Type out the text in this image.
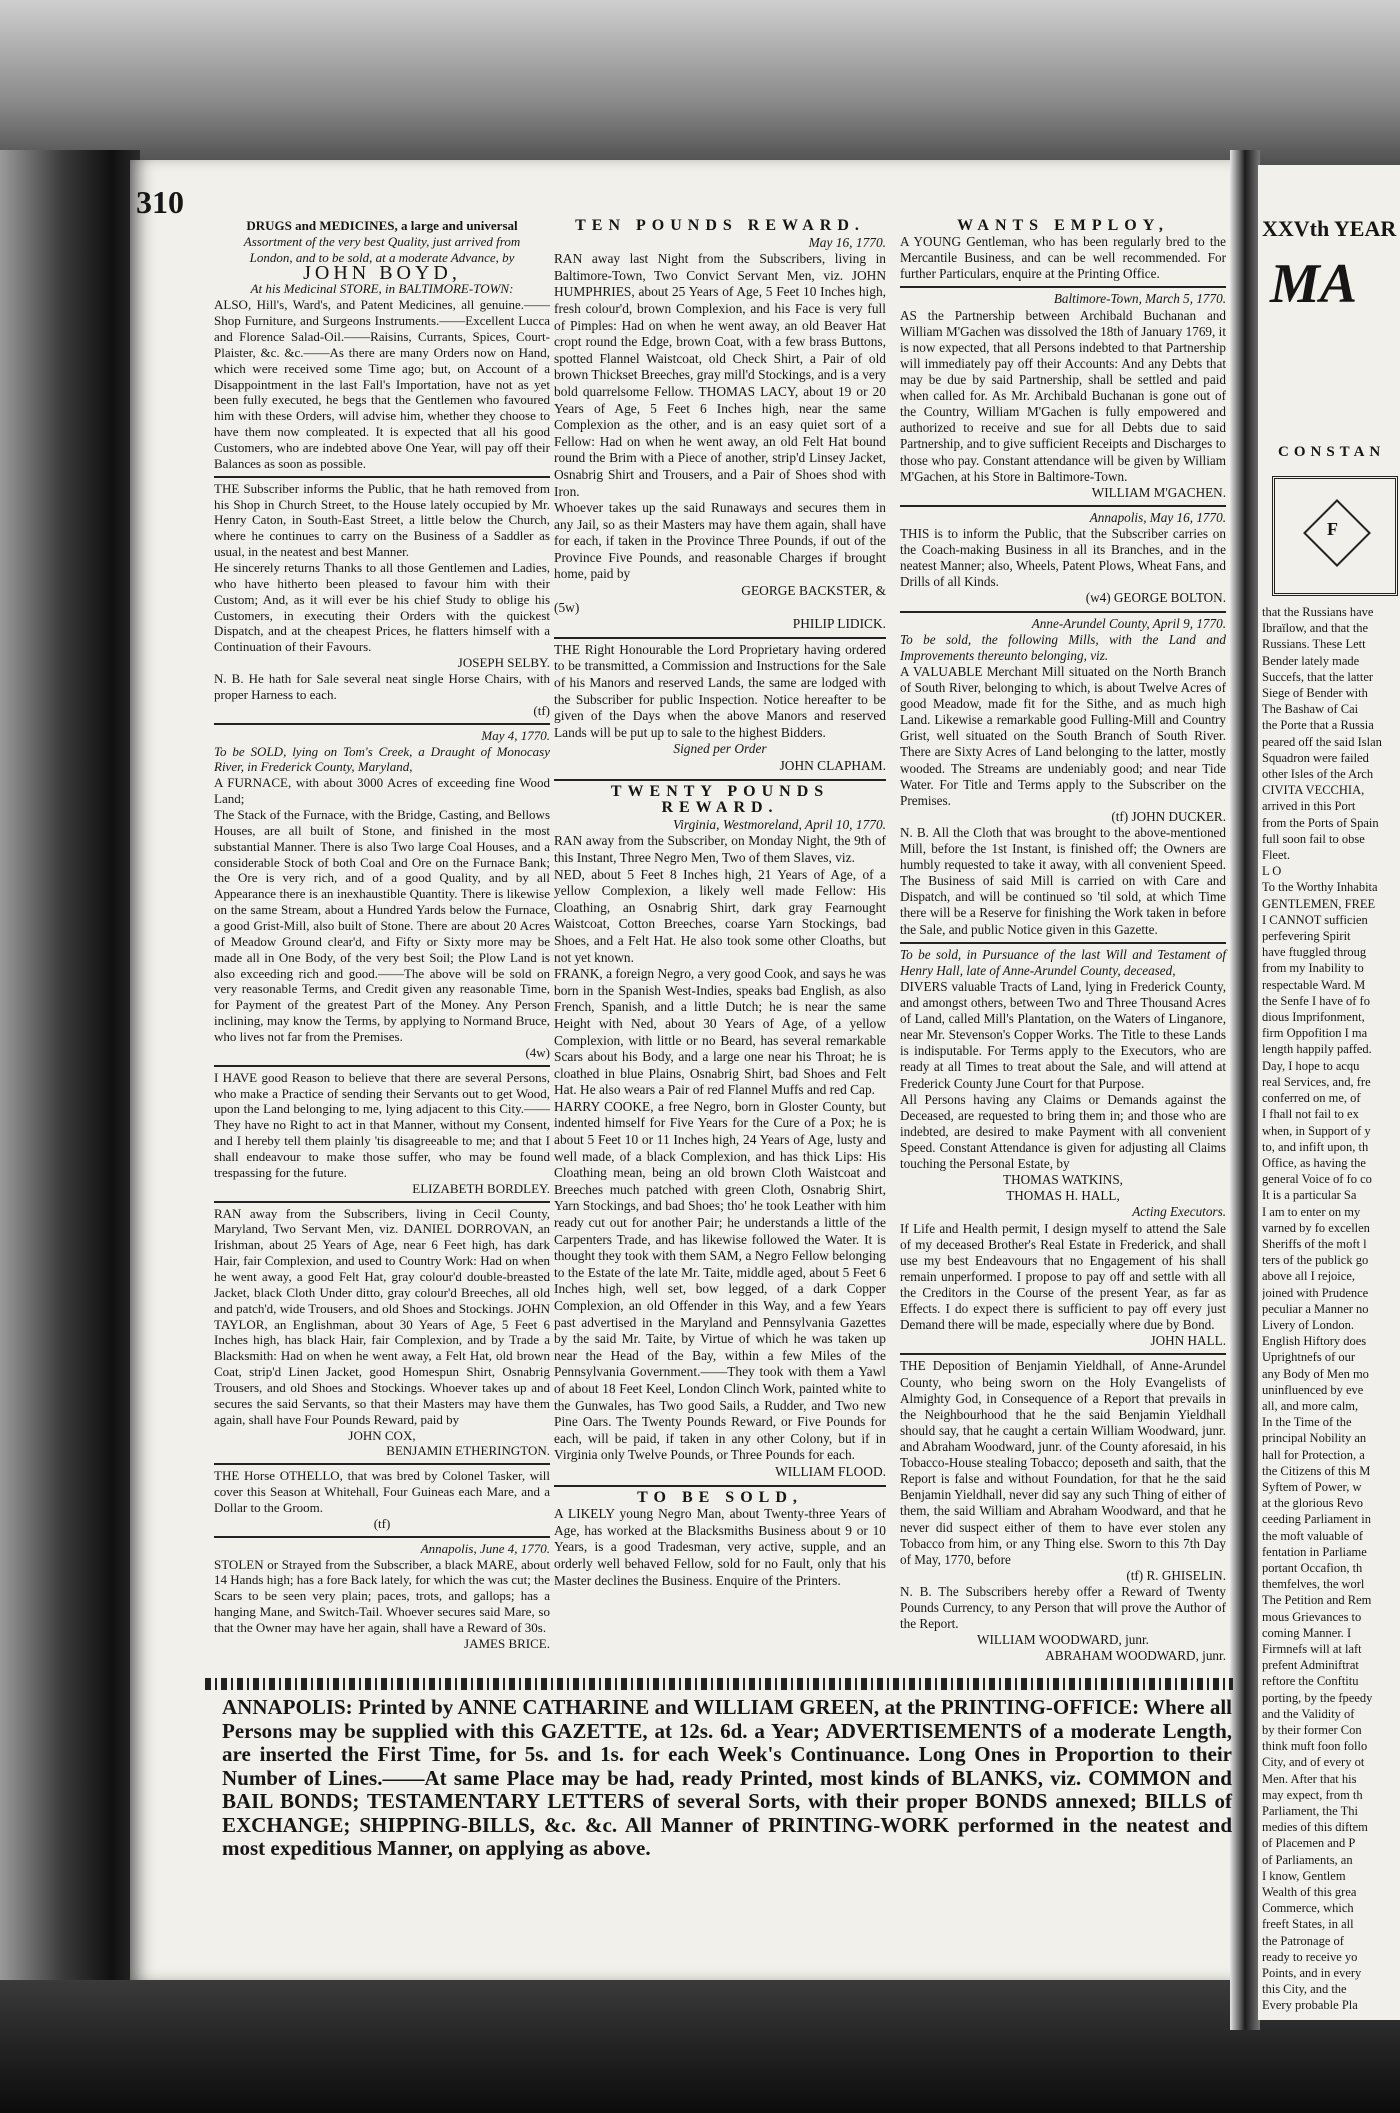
310

DRUGS and MEDICINES, a large and universal

Assortment of the very best Quality, just arrived from

London, and to be sold, at a moderate Advance, by

JOHN BOYD,

At his Medicinal STORE, in BALTIMORE-TOWN:

ALSO, Hill's, Ward's, and Patent Medicines, all genuine.——Shop Furniture, and Surgeons Instruments.——Excellent Lucca and Florence Salad-Oil.——Raisins, Currants, Spices, Court-Plaister, &c. &c.——As there are many Orders now on Hand, which were received some Time ago; but, on Account of a Disappointment in the last Fall's Importation, have not as yet been fully executed, he begs that the Gentlemen who favoured him with these Orders, will advise him, whether they choose to have them now compleated. It is expected that all his good Customers, who are indebted above One Year, will pay off their Balances as soon as possible.

THE Subscriber informs the Public, that he hath removed from his Shop in Church Street, to the House lately occupied by Mr. Henry Caton, in South-East Street, a little below the Church, where he continues to carry on the Business of a Saddler as usual, in the neatest and best Manner.

He sincerely returns Thanks to all those Gentlemen and Ladies, who have hitherto been pleased to favour him with their Custom; And, as it will ever be his chief Study to oblige his Customers, in executing their Orders with the quickest Dispatch, and at the cheapest Prices, he flatters himself with a Continuation of their Favours.

JOSEPH SELBY.

N. B. He hath for Sale several neat single Horse Chairs, with proper Harness to each.

(tf)

May 4, 1770.

To be SOLD, lying on Tom's Creek, a Draught of Monocasy River, in Frederick County, Maryland,

A FURNACE, with about 3000 Acres of exceeding fine Wood Land;

The Stack of the Furnace, with the Bridge, Casting, and Bellows Houses, are all built of Stone, and finished in the most substantial Manner. There is also Two large Coal Houses, and a considerable Stock of both Coal and Ore on the Furnace Bank; the Ore is very rich, and of a good Quality, and by all Appearance there is an inexhaustible Quantity. There is likewise on the same Stream, about a Hundred Yards below the Furnace, a good Grist-Mill, also built of Stone. There are about 20 Acres of Meadow Ground clear'd, and Fifty or Sixty more may be made all in One Body, of the very best Soil; the Plow Land is also exceeding rich and good.——The above will be sold on very reasonable Terms, and Credit given any reasonable Time, for Payment of the greatest Part of the Money. Any Person inclining, may know the Terms, by applying to Normand Bruce, who lives not far from the Premises.

(4w)

I HAVE good Reason to believe that there are several Persons, who make a Practice of sending their Servants out to get Wood, upon the Land belonging to me, lying adjacent to this City.——They have no Right to act in that Manner, without my Consent, and I hereby tell them plainly 'tis disagreeable to me; and that I shall endeavour to make those suffer, who may be found trespassing for the future.

ELIZABETH BORDLEY.

RAN away from the Subscribers, living in Cecil County, Maryland, Two Servant Men, viz. DANIEL DORROVAN, an Irishman, about 25 Years of Age, near 6 Feet high, has dark Hair, fair Complexion, and used to Country Work: Had on when he went away, a good Felt Hat, gray colour'd double-breasted Jacket, black Cloth Under ditto, gray colour'd Breeches, all old and patch'd, wide Trousers, and old Shoes and Stockings. JOHN TAYLOR, an Englishman, about 30 Years of Age, 5 Feet 6 Inches high, has black Hair, fair Complexion, and by Trade a Blacksmith: Had on when he went away, a Felt Hat, old brown Coat, strip'd Linen Jacket, good Homespun Shirt, Osnabrig Trousers, and old Shoes and Stockings. Whoever takes up and secures the said Servants, so that their Masters may have them again, shall have Four Pounds Reward, paid by

JOHN COX,

BENJAMIN ETHERINGTON.

THE Horse OTHELLO, that was bred by Colonel Tasker, will cover this Season at Whitehall, Four Guineas each Mare, and a Dollar to the Groom.

(tf)

Annapolis, June 4, 1770.

STOLEN or Strayed from the Subscriber, a black MARE, about 14 Hands high; has a fore Back lately, for which the was cut; the Scars to be seen very plain; paces, trots, and gallops; has a hanging Mane, and Switch-Tail. Whoever secures said Mare, so that the Owner may have her again, shall have a Reward of 30s.

JAMES BRICE.

TEN POUNDS REWARD.

May 16, 1770.

RAN away last Night from the Subscribers, living in Baltimore-Town, Two Convict Servant Men, viz. JOHN HUMPHRIES, about 25 Years of Age, 5 Feet 10 Inches high, fresh colour'd, brown Complexion, and his Face is very full of Pimples: Had on when he went away, an old Beaver Hat cropt round the Edge, brown Coat, with a few brass Buttons, spotted Flannel Waistcoat, old Check Shirt, a Pair of old brown Thickset Breeches, gray mill'd Stockings, and is a very bold quarrelsome Fellow. THOMAS LACY, about 19 or 20 Years of Age, 5 Feet 6 Inches high, near the same Complexion as the other, and is an easy quiet sort of a Fellow: Had on when he went away, an old Felt Hat bound round the Brim with a Piece of another, strip'd Linsey Jacket, Osnabrig Shirt and Trousers, and a Pair of Shoes shod with Iron.

Whoever takes up the said Runaways and secures them in any Jail, so as their Masters may have them again, shall have for each, if taken in the Province Three Pounds, if out of the Province Five Pounds, and reasonable Charges if brought home, paid by

GEORGE BACKSTER, &

(5w)

PHILIP LIDICK.

THE Right Honourable the Lord Proprietary having ordered to be transmitted, a Commission and Instructions for the Sale of his Manors and reserved Lands, the same are lodged with the Subscriber for public Inspection. Notice hereafter to be given of the Days when the above Manors and reserved Lands will be put up to sale to the highest Bidders.

Signed per Order

JOHN CLAPHAM.

TWENTY POUNDS REWARD.

Virginia, Westmoreland, April 10, 1770.

RAN away from the Subscriber, on Monday Night, the 9th of this Instant, Three Negro Men, Two of them Slaves, viz.

NED, about 5 Feet 8 Inches high, 21 Years of Age, of a yellow Complexion, a likely well made Fellow: His Cloathing, an Osnabrig Shirt, dark gray Fearnought Waistcoat, Cotton Breeches, coarse Yarn Stockings, bad Shoes, and a Felt Hat. He also took some other Cloaths, but not yet known.

FRANK, a foreign Negro, a very good Cook, and says he was born in the Spanish West-Indies, speaks bad English, as also French, Spanish, and a little Dutch; he is near the same Height with Ned, about 30 Years of Age, of a yellow Complexion, with little or no Beard, has several remarkable Scars about his Body, and a large one near his Throat; he is cloathed in blue Plains, Osnabrig Shirt, bad Shoes and Felt Hat. He also wears a Pair of red Flannel Muffs and red Cap.

HARRY COOKE, a free Negro, born in Gloster County, but indented himself for Five Years for the Cure of a Pox; he is about 5 Feet 10 or 11 Inches high, 24 Years of Age, lusty and well made, of a black Complexion, and has thick Lips: His Cloathing mean, being an old brown Cloth Waistcoat and Breeches much patched with green Cloth, Osnabrig Shirt, Yarn Stockings, and bad Shoes; tho' he took Leather with him ready cut out for another Pair; he understands a little of the Carpenters Trade, and has likewise followed the Water. It is thought they took with them SAM, a Negro Fellow belonging to the Estate of the late Mr. Taite, middle aged, about 5 Feet 6 Inches high, well set, bow legged, of a dark Copper Complexion, an old Offender in this Way, and a few Years past advertised in the Maryland and Pennsylvania Gazettes by the said Mr. Taite, by Virtue of which he was taken up near the Head of the Bay, within a few Miles of the Pennsylvania Government.——They took with them a Yawl of about 18 Feet Keel, London Clinch Work, painted white to the Gunwales, has Two good Sails, a Rudder, and Two new Pine Oars. The Twenty Pounds Reward, or Five Pounds for each, will be paid, if taken in any other Colony, but if in Virginia only Twelve Pounds, or Three Pounds for each.

WILLIAM FLOOD.

TO BE SOLD,

A LIKELY young Negro Man, about Twenty-three Years of Age, has worked at the Blacksmiths Business about 9 or 10 Years, is a good Tradesman, very active, supple, and an orderly well behaved Fellow, sold for no Fault, only that his Master declines the Business. Enquire of the Printers.

WANTS EMPLOY,

A YOUNG Gentleman, who has been regularly bred to the Mercantile Business, and can be well recommended. For further Particulars, enquire at the Printing Office.

Baltimore-Town, March 5, 1770.

AS the Partnership between Archibald Buchanan and William M'Gachen was dissolved the 18th of January 1769, it is now expected, that all Persons indebted to that Partnership will immediately pay off their Accounts: And any Debts that may be due by said Partnership, shall be settled and paid when called for. As Mr. Archibald Buchanan is gone out of the Country, William M'Gachen is fully empowered and authorized to receive and sue for all Debts due to said Partnership, and to give sufficient Receipts and Discharges to those who pay. Constant attendance will be given by William M'Gachen, at his Store in Baltimore-Town.

WILLIAM M'GACHEN.

Annapolis, May 16, 1770.

THIS is to inform the Public, that the Subscriber carries on the Coach-making Business in all its Branches, and in the neatest Manner; also, Wheels, Patent Plows, Wheat Fans, and Drills of all Kinds.

(w4) GEORGE BOLTON.

Anne-Arundel County, April 9, 1770.

To be sold, the following Mills, with the Land and Improvements thereunto belonging, viz.

A VALUABLE Merchant Mill situated on the North Branch of South River, belonging to which, is about Twelve Acres of good Meadow, made fit for the Sithe, and as much high Land. Likewise a remarkable good Fulling-Mill and Country Grist, well situated on the South Branch of South River. There are Sixty Acres of Land belonging to the latter, mostly wooded. The Streams are undeniably good; and near Tide Water. For Title and Terms apply to the Subscriber on the Premises.

(tf) JOHN DUCKER.

N. B. All the Cloth that was brought to the above-mentioned Mill, before the 1st Instant, is finished off; the Owners are humbly requested to take it away, with all convenient Speed. The Business of said Mill is carried on with Care and Dispatch, and will be continued so 'til sold, at which Time there will be a Reserve for finishing the Work taken in before the Sale, and public Notice given in this Gazette.

To be sold, in Pursuance of the last Will and Testament of Henry Hall, late of Anne-Arundel County, deceased,

DIVERS valuable Tracts of Land, lying in Frederick County, and amongst others, between Two and Three Thousand Acres of Land, called Mill's Plantation, on the Waters of Linganore, near Mr. Stevenson's Copper Works. The Title to these Lands is indisputable. For Terms apply to the Executors, who are ready at all Times to treat about the Sale, and will attend at Frederick County June Court for that Purpose.

All Persons having any Claims or Demands against the Deceased, are requested to bring them in; and those who are indebted, are desired to make Payment with all convenient Speed. Constant Attendance is given for adjusting all Claims touching the Personal Estate, by

THOMAS WATKINS,

THOMAS H. HALL,

Acting Executors.

If Life and Health permit, I design myself to attend the Sale of my deceased Brother's Real Estate in Frederick, and shall use my best Endeavours that no Engagement of his shall remain unperformed. I propose to pay off and settle with all the Creditors in the Course of the present Year, as far as Effects. I do expect there is sufficient to pay off every just Demand there will be made, especially where due by Bond.

JOHN HALL.

THE Deposition of Benjamin Yieldhall, of Anne-Arundel County, who being sworn on the Holy Evangelists of Almighty God, in Consequence of a Report that prevails in the Neighbourhood that he the said Benjamin Yieldhall should say, that he caught a certain William Woodward, junr. and Abraham Woodward, junr. of the County aforesaid, in his Tobacco-House stealing Tobacco; deposeth and saith, that the Report is false and without Foundation, for that he the said Benjamin Yieldhall, never did say any such Thing of either of them, the said William and Abraham Woodward, and that he never did suspect either of them to have ever stolen any Tobacco from him, or any Thing else. Sworn to this 7th Day of May, 1770, before

(tf) R. GHISELIN.

N. B. The Subscribers hereby offer a Reward of Twenty Pounds Currency, to any Person that will prove the Author of the Report.

WILLIAM WOODWARD, junr.

ABRAHAM WOODWARD, junr.

ANNAPOLIS: Printed by ANNE CATHARINE and WILLIAM GREEN, at the PRINTING-OFFICE: Where all Persons may be supplied with this GAZETTE, at 12s. 6d. a Year; ADVERTISEMENTS of a moderate Length, are inserted the First Time, for 5s. and 1s. for each Week's Continuance. Long Ones in Proportion to their Number of Lines.——At same Place may be had, ready Printed, most kinds of BLANKS, viz. COMMON and BAIL BONDS; TESTAMENTARY LETTERS of several Sorts, with their proper BONDS annexed; BILLS of EXCHANGE; SHIPPING-BILLS, &c. &c. All Manner of PRINTING-WORK performed in the neatest and most expeditious Manner, on applying as above.
XXVth YEAR
MA
CONSTAN
F
that the Russians have
Ibraïlow, and that the
Russians. These Lett
Bender lately made
Succefs, that the latter
Siege of Bender with
The Bashaw of Cai
the Porte that a Russia
peared off the said Islan
Squadron were failed
other Isles of the Arch
CIVITA VECCHIA,
arrived in this Port
from the Ports of Spain
full soon fail to obse
Fleet.
L O
To the Worthy Inhabita
GENTLEMEN, FREE
I CANNOT sufficien
perfevering Spirit
have ftuggled throug
from my Inability to
respectable Ward. M
the Senfe I have of fo
dious Imprifonment,
firm Oppofition I ma
length happily paffed.
Day, I hope to acqu
real Services, and, fre
conferred on me, of
I fhall not fail to ex
when, in Support of y
to, and infift upon, th
Office, as having the
general Voice of fo co
It is a particular Sa
I am to enter on my
varned by fo excellen
Sheriffs of the moft l
ters of the publick go
above all I rejoice,
joined with Prudence
peculiar a Manner no
Livery of London.
English Hiftory does
Uprightnefs of our
any Body of Men mo
uninfluenced by eve
all, and more calm,
In the Time of the
principal Nobility an
hall for Protection, a
the Citizens of this M
Syftem of Power, w
at the glorious Revo
ceeding Parliament in
the moft valuable of
fentation in Parliame
portant Occafion, th
themfelves, the worl
The Petition and Rem
mous Grievances to
coming Manner. I
Firmnefs will at laft
prefent Adminiftrat
reftore the Conftitu
porting, by the fpeedy
and the Validity of
by their former Con
think muft foon follo
City, and of every ot
Men. After that his
may expect, from th
Parliament, the Thi
medies of this diftem
of Placemen and P
of Parliaments, an
I know, Gentlem
Wealth of this grea
Commerce, which
freeft States, in all
the Patronage of
ready to receive yo
Points, and in every
this City, and the
Every probable Pla
